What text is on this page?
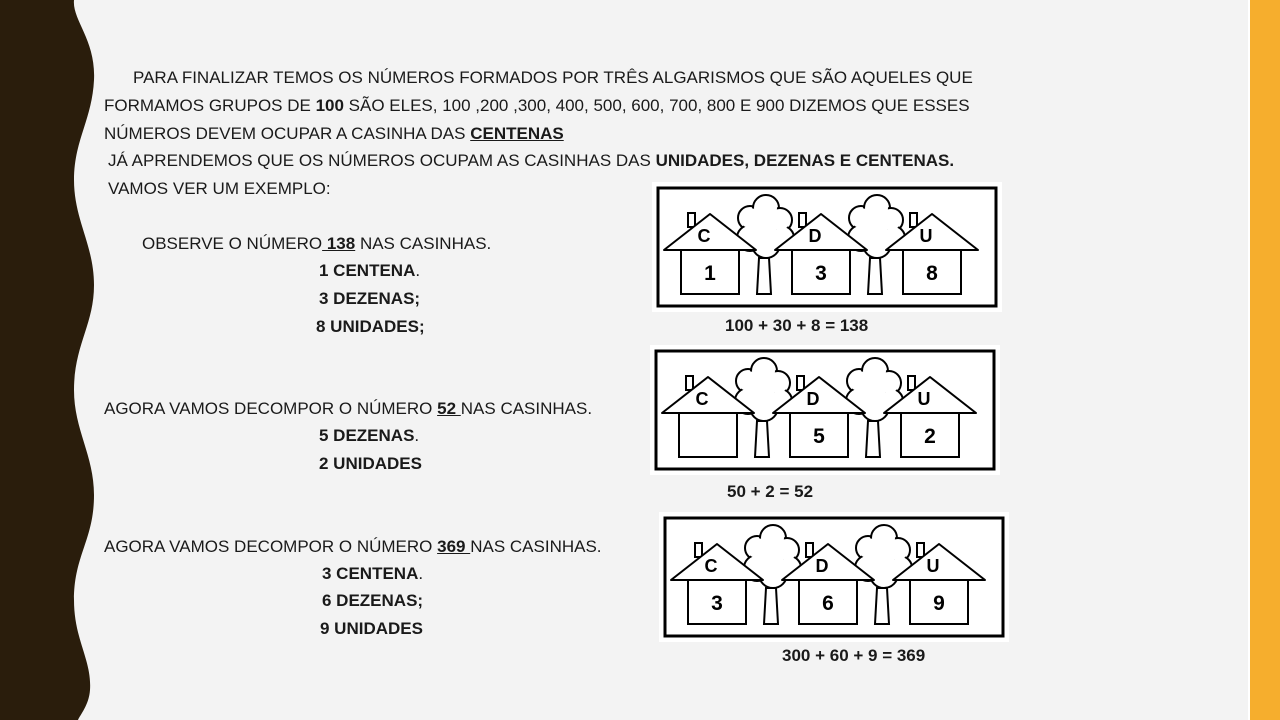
PARA FINALIZAR TEMOS OS NÚMEROS FORMADOS POR TRÊS ALGARISMOS QUE SÃO AQUELES QUE
FORMAMOS GRUPOS DE 100 SÃO ELES, 100 ,200 ,300, 400, 500, 600, 700, 800 E 900 DIZEMOS QUE ESSES
NÚMEROS DEVEM OCUPAR A CASINHA DAS CENTENAS
JÁ APRENDEMOS QUE OS NÚMEROS OCUPAM AS CASINHAS DAS UNIDADES, DEZENAS E CENTENAS.
VAMOS VER UM EXEMPLO:
OBSERVE O NÚMERO 138 NAS CASINHAS.
1 CENTENA.
3 DEZENAS;
8 UNIDADES;
C
1
D
3
U
8
100 + 30 + 8 = 138
AGORA VAMOS DECOMPOR O NÚMERO 52 NAS CASINHAS.
5 DEZENAS.
2 UNIDADES
C	D
5
U
2
50 + 2 = 52
AGORA VAMOS DECOMPOR O NÚMERO 369 NAS CASINHAS.
3 CENTENA.
6 DEZENAS;
9 UNIDADES
C
3
D
6
U
9
300 + 60 + 9 = 369
